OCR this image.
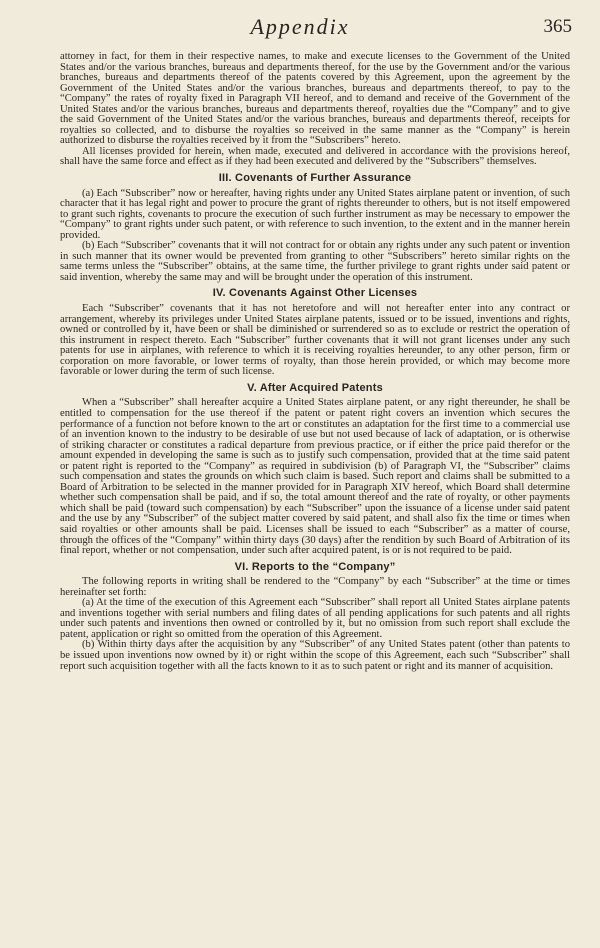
Appendix	365

attorney in fact, for them in their respective names, to make and execute licenses to the Government of the United States and/or the various branches, bureaus and departments thereof, for the use by the Government and/or the various branches, bureaus and departments thereof of the patents covered by this Agreement, upon the agreement by the Government of the United States and/or the various branches, bureaus and departments thereof, to pay to the “Company” the rates of royalty fixed in Paragraph VII hereof, and to demand and receive of the Government of the United States and/or the various branches, bureaus and departments thereof, royalties due the “Company” and to give the said Government of the United States and/or the various branches, bureaus and departments thereof, receipts for royalties so collected, and to disburse the royalties so received in the same manner as the “Company” is herein authorized to disburse the royalties received by it from the “Subscribers” hereto.

All licenses provided for herein, when made, executed and delivered in accordance with the provisions hereof, shall have the same force and effect as if they had been executed and delivered by the “Subscribers” themselves.

III. Covenants of Further Assurance

(a) Each “Subscriber” now or hereafter, having rights under any United States airplane patent or invention, of such character that it has legal right and power to procure the grant of rights thereunder to others, but is not itself empowered to grant such rights, covenants to procure the execution of such further instrument as may be necessary to empower the “Company” to grant rights under such patent, or with reference to such invention, to the extent and in the manner herein provided.

(b) Each “Subscriber” covenants that it will not contract for or obtain any rights under any such patent or invention in such manner that its owner would be prevented from granting to other “Subscribers” hereto similar rights on the same terms unless the “Subscriber” obtains, at the same time, the further privilege to grant rights under said patent or said invention, whereby the same may and will be brought under the operation of this instrument.

IV. Covenants Against Other Licenses

Each “Subscriber” covenants that it has not heretofore and will not hereafter enter into any contract or arrangement, whereby its privileges under United States airplane patents, issued or to be issued, inventions and rights, owned or controlled by it, have been or shall be diminished or surrendered so as to exclude or restrict the operation of this instrument in respect thereto. Each “Subscriber” further covenants that it will not grant licenses under any such patents for use in airplanes, with reference to which it is receiving royalties hereunder, to any other person, firm or corporation on more favorable, or lower terms of royalty, than those herein provided, or which may become more favorable or lower during the term of such license.

V. After Acquired Patents

When a “Subscriber” shall hereafter acquire a United States airplane patent, or any right thereunder, he shall be entitled to compensation for the use thereof if the patent or patent right covers an invention which secures the performance of a function not before known to the art or constitutes an adaptation for the first time to a commercial use of an invention known to the industry to be desirable of use but not used because of lack of adaptation, or is otherwise of striking character or constitutes a radical departure from previous practice, or if either the price paid therefor or the amount expended in developing the same is such as to justify such compensation, provided that at the time said patent or patent right is reported to the “Company” as required in subdivision (b) of Paragraph VI, the “Subscriber” claims such compensation and states the grounds on which such claim is based. Such report and claims shall be submitted to a Board of Arbitration to be selected in the manner provided for in Paragraph XIV hereof, which Board shall determine whether such compensation shall be paid, and if so, the total amount thereof and the rate of royalty, or other payments which shall be paid (toward such compensation) by each “Subscriber” upon the issuance of a license under said patent and the use by any “Subscriber” of the subject matter covered by said patent, and shall also fix the time or times when said royalties or other amounts shall be paid. Licenses shall be issued to each “Subscriber” as a matter of course, through the offices of the “Company” within thirty days (30 days) after the rendition by such Board of Arbitration of its final report, whether or not compensation, under such after acquired patent, is or is not required to be paid.

VI. Reports to the “Company”

The following reports in writing shall be rendered to the “Company” by each “Subscriber” at the time or times hereinafter set forth:

(a) At the time of the execution of this Agreement each “Subscriber” shall report all United States airplane patents and inventions together with serial numbers and filing dates of all pending applications for such patents and all rights under such patents and inventions then owned or controlled by it, but no omission from such report shall exclude the patent, application or right so omitted from the operation of this Agreement.

(b) Within thirty days after the acquisition by any “Subscriber” of any United States patent (other than patents to be issued upon inventions now owned by it) or right within the scope of this Agreement, each such “Subscriber” shall report such acquisition together with all the facts known to it as to such patent or right and its manner of acquisition.
